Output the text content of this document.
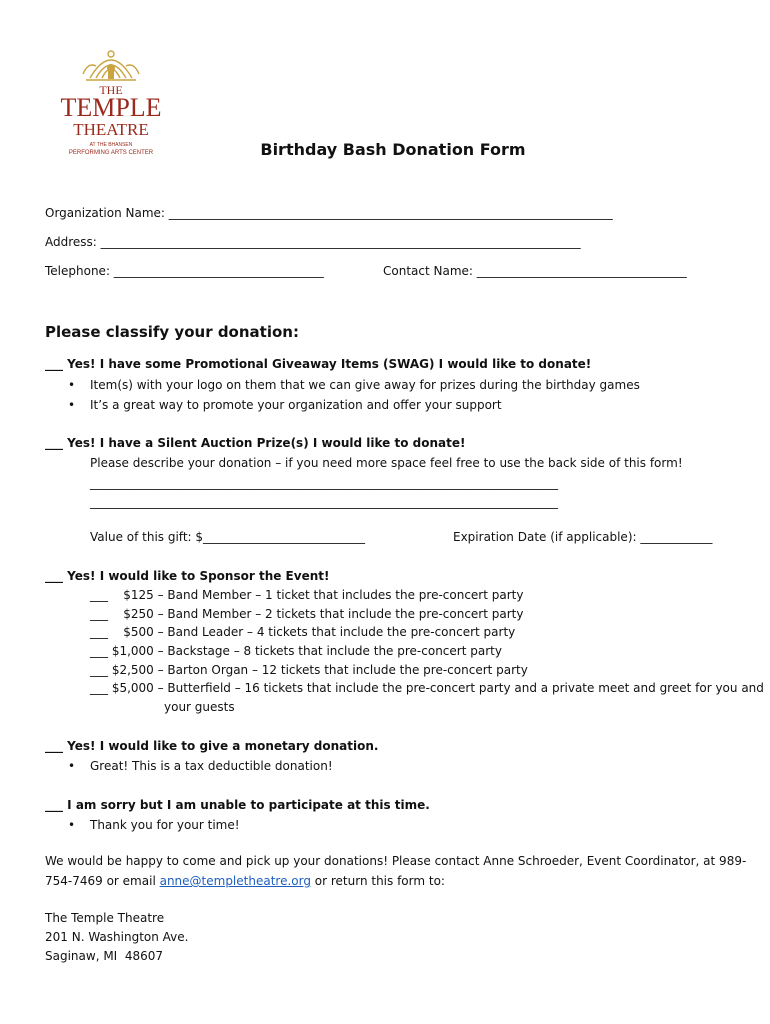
THE
TEMPLE
THEATRE
AT THE BHANSEN
PERFORMING ARTS CENTER	Birthday Bash Donation Form
Organization Name: __________________________________________________________________________
Address: ________________________________________________________________________________
Telephone: ___________________________________	Contact Name: ___________________________________
Please classify your donation:
___ Yes! I have some Promotional Giveaway Items (SWAG) I would like to donate!
• Item(s) with your logo on them that we can give away for prizes during the birthday games
• It’s a great way to promote your organization and offer your support
___ Yes! I have a Silent Auction Prize(s) I would like to donate!
Please describe your donation – if you need more space feel free to use the back side of this form!
______________________________________________________________________________
______________________________________________________________________________
Value of this gift: $___________________________	Expiration Date (if applicable): ____________
___ Yes! I would like to Sponsor the Event!
___    $125 – Band Member – 1 ticket that includes the pre-concert party
___    $250 – Band Member – 2 tickets that include the pre-concert party
___    $500 – Band Leader – 4 tickets that include the pre-concert party
___ $1,000 – Backstage – 8 tickets that include the pre-concert party
___ $2,500 – Barton Organ – 12 tickets that include the pre-concert party
___ $5,000 – Butterfield – 16 tickets that include the pre-concert party and a private meet and greet for you and
your guests
___ Yes! I would like to give a monetary donation.
• Great! This is a tax deductible donation!
___ I am sorry but I am unable to participate at this time.
• Thank you for your time!
We would be happy to come and pick up your donations! Please contact Anne Schroeder, Event Coordinator, at 989-
754-7469 or email anne@templetheatre.org or return this form to:
The Temple Theatre
201 N. Washington Ave.
Saginaw, MI  48607
